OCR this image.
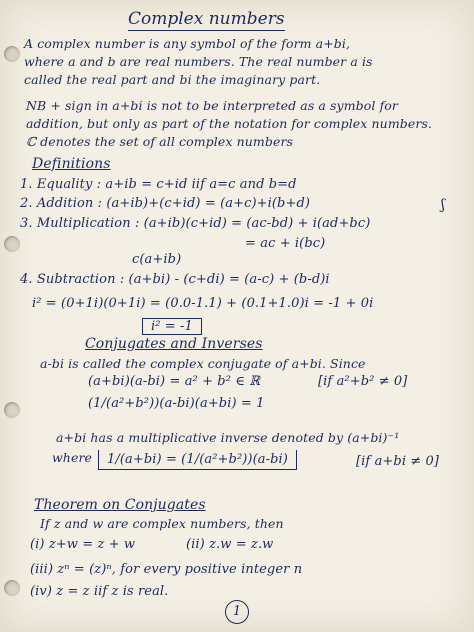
Complex numbers
A complex number is any symbol of the form a+bi,
where a and b are real numbers. The real number a is
called the real part and bi the imaginary part.
NB + sign in a+bi is not to be interpreted as a symbol for
addition, but only as part of the notation for complex numbers.
ℂ denotes the set of all complex numbers
Definitions
1. Equality : a+ib = c+id iif a=c and b=d
2. Addition : (a+ib)+(c+id) = (a+c)+i(b+d)
3. Multiplication : (a+ib)(c+id) = (ac-bd) + i(ad+bc)
= ac + i(bc)
c(a+ib)
4. Subtraction : (a+bi) - (c+di) = (a-c) + (b-d)i
i² = (0+1i)(0+1i) = (0.0-1.1) + (0.1+1.0)i = -1 + 0i
i² = -1
ʃ
Conjugates and Inverses
a-bi is called the complex conjugate of a+bi. Since
(a+bi)(a-bi) = a² + b² ∈ ℝ	[if a²+b² ≠ 0]
(1/(a²+b²))(a-bi)(a+bi) = 1
a+bi has a multiplicative inverse denoted by (a+bi)⁻¹
where	1/(a+bi) = (1/(a²+b²))(a-bi)	[if a+bi ≠ 0]
Theorem on Conjugates
If z and w are complex numbers, then
(i) z+w = z + w	(ii) z.w = z.w
(iii) zⁿ = (z)ⁿ, for every positive integer n
(iv) z = z iif z is real.
1
